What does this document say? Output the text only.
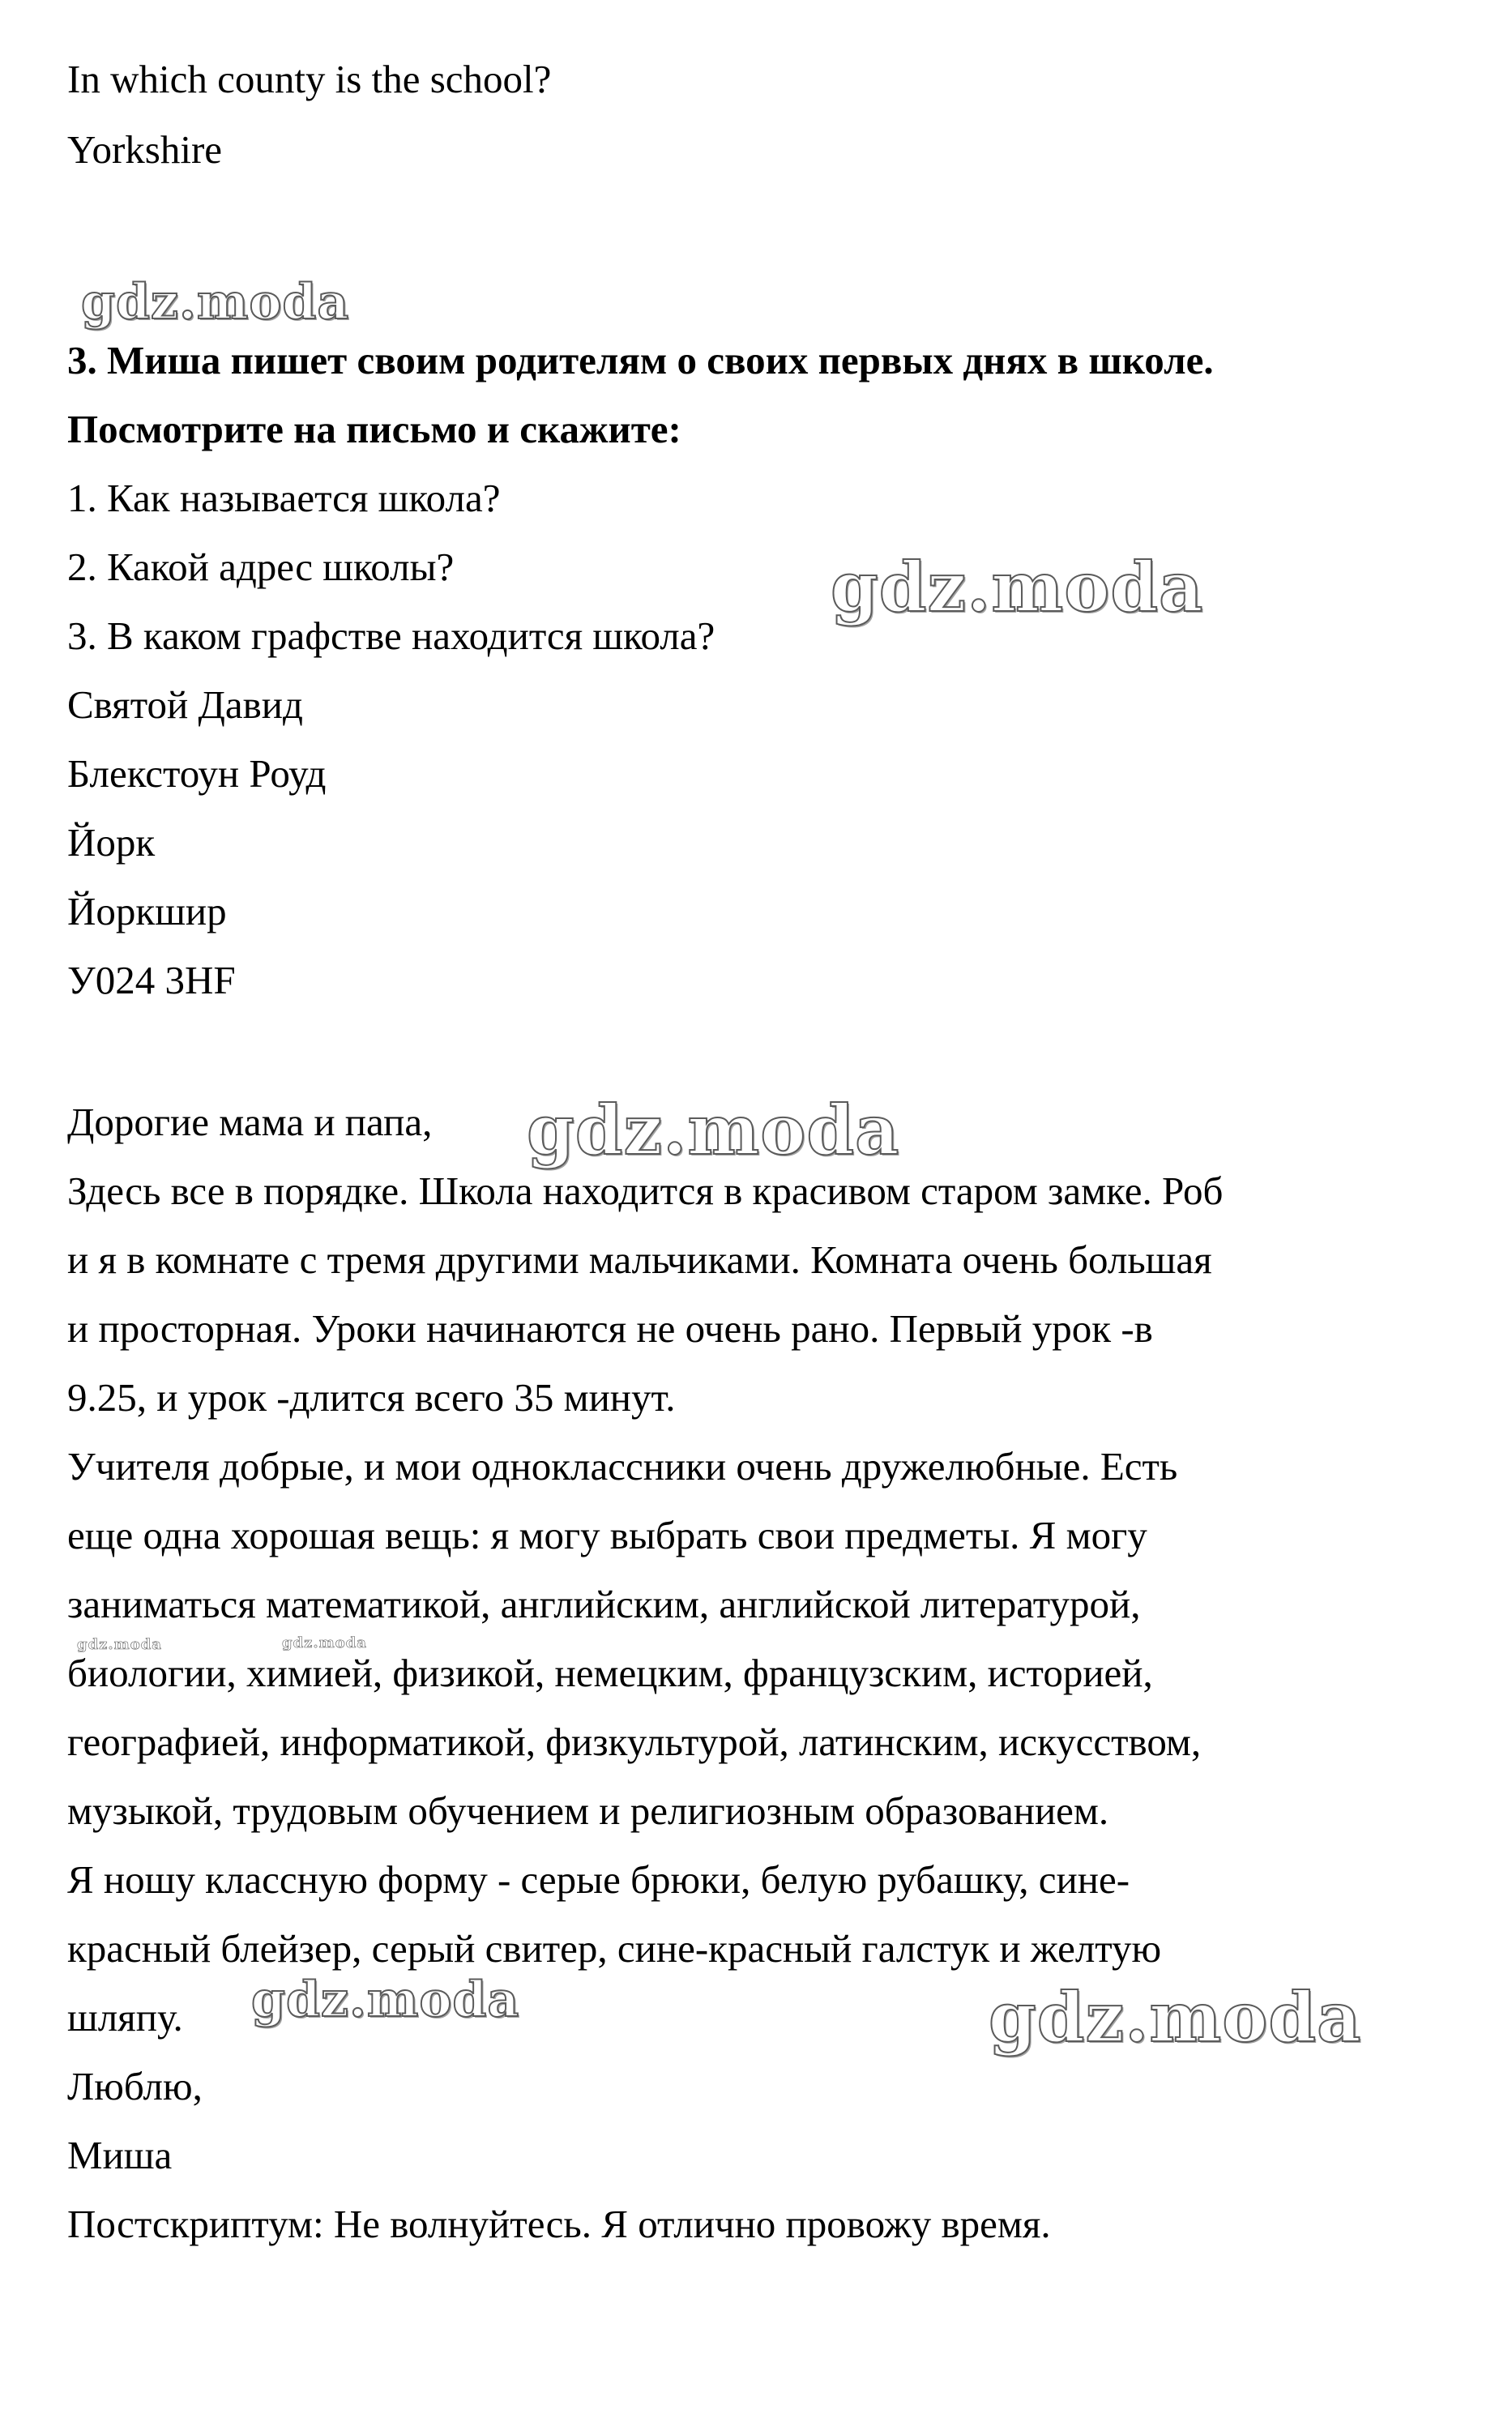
In which county is the school?

Yorkshire

3. Миша пишет своим родителям о своих первых днях в школе.

Посмотрите на письмо и скажите:

1. Как называется школа?

2. Какой адрес школы?

3. В каком графстве находится школа?

Святой Давид

Блекстоун Роуд

Йорк

Йоркшир

У024 3HF

Дорогие мама и папа,

Здесь все в порядке. Школа находится в красивом старом замке. Роб

и я в комнате с тремя другими мальчиками. Комната очень большая

и просторная. Уроки начинаются не очень рано. Первый урок -в

9.25, и урок -длится всего 35 минут.

Учителя добрые, и мои одноклассники очень дружелюбные. Есть

еще одна хорошая вещь: я могу выбрать свои предметы. Я могу

заниматься математикой, английским, английской литературой,

биологии, химией, физикой, немецким, французским, историей,

географией, информатикой, физкультурой, латинским, искусством,

музыкой, трудовым обучением и религиозным образованием.

Я ношу классную форму - серые брюки, белую рубашку, сине-

красный блейзер, серый свитер, сине-красный галстук и желтую

шляпу.

Люблю,

Миша

Постскриптум: Не волнуйтесь. Я отлично провожу время.

gdz.moda
gdz.moda
gdz.moda
gdz.moda	gdz.moda
gdz.moda	gdz.moda
